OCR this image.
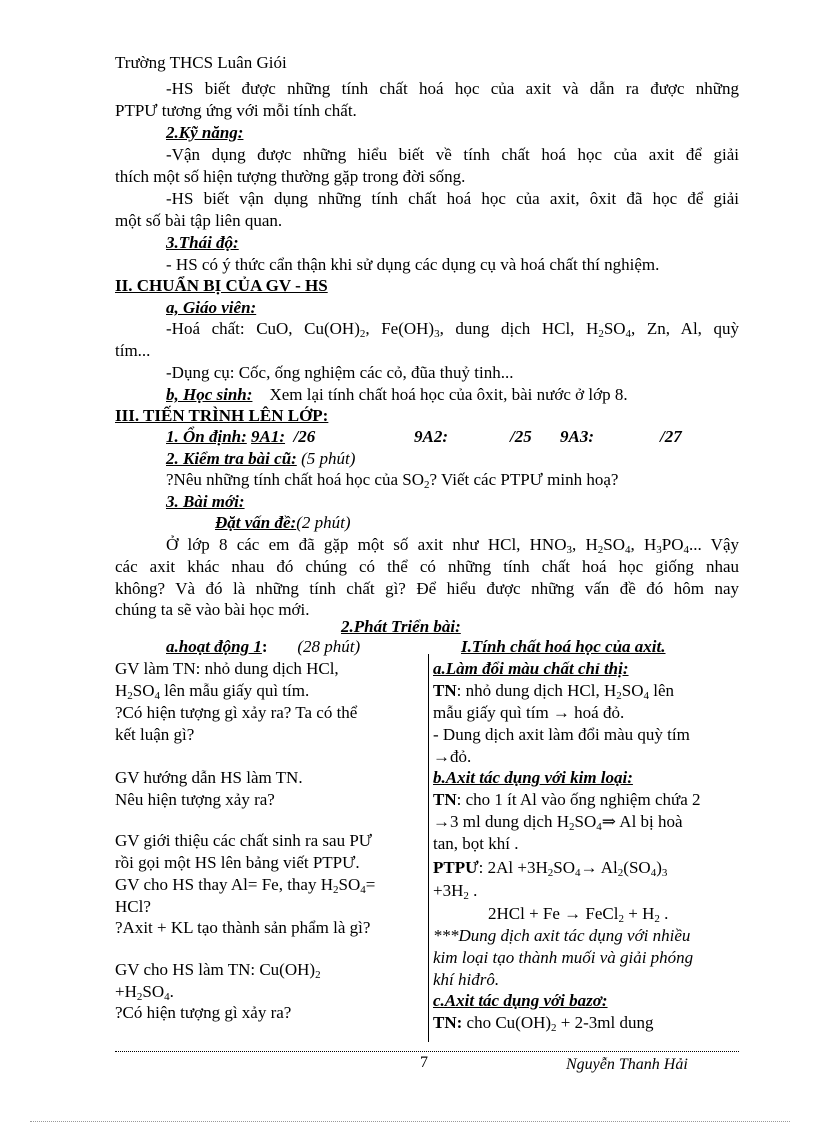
Trường THCS Luân Giói
-HS biết được những tính chất hoá học của axit và dẫn ra được những
PTPƯ tương ứng với mỗi tính chất.
2.Kỹ năng:
-Vận dụng được những hiểu biết về tính chất hoá học của axit để giải
thích một số hiện tượng thường gặp trong đời sống.
-HS biết vận dụng những tính chất hoá học của axit, ôxit đã học để giải
một số bài tập liên quan.
3.Thái độ:
- HS có ý thức cẩn thận khi sử dụng các dụng cụ và hoá chất thí nghiệm.
II. CHUẨN BỊ CỦA GV - HS
a, Giáo viên:
-Hoá chất: CuO, $Cu(OH)_2$, $Fe(OH)_3$, dung dịch HCl, $H_2SO_4$, Zn, Al, quỳ
tím...
-Dụng cụ: Cốc, ống nghiệm các cỏ, đũa thuỷ tinh...
b, Học sinh: Xem lại tính chất hoá học của ôxit, bài nước ở lớp 8.
III. TIẾN TRÌNH LÊN LỚP:
1. Ổn định: 9A1: /26	9A2:	/25 9A3:	/27
2. Kiểm tra bài cũ: (5 phút)
?Nêu những tính chất hoá học của $SO_2$? Viết các PTPƯ minh hoạ?
3. Bài mới:
Đặt vấn đề:(2 phút)
Ở lớp 8 các em đã gặp một số axit như HCl, $HNO_3$, $H_2SO_4$, $H_3PO_4$... Vậy
các axit khác nhau đó chúng có thể có những tính chất hoá học giống nhau
không? Và đó là những tính chất gì? Để hiểu được những vấn đề đó hôm nay
chúng ta sẽ vào bài học mới.
2.Phát Triển bài:
a.hoạt động 1: (28 phút)	I.Tính chất hoá học của axit.
GV làm TN: nhỏ dung dịch HCl,
$H_2SO_4$ lên mẫu giấy quì tím.
?Có hiện tượng gì xảy ra? Ta có thể
kết luận gì?
GV hướng dẫn HS làm TN.
Nêu hiện tượng xảy ra?
GV giới thiệu các chất sinh ra sau PƯ
rồi gọi một HS lên bảng viết PTPƯ.
GV cho HS thay Al= Fe, thay $H_2SO_4=$
HCl?
?Axit + KL tạo thành sản phẩm là gì?
GV cho HS làm TN: $Cu(OH)_2$
$+H_2SO_4$.
?Có hiện tượng gì xảy ra?
a.Làm đổi màu chất chỉ thị:
TN: nhỏ dung dịch HCl, $H_2SO_4$ lên
mẫu giấy quì tím → hoá đỏ.
- Dung dịch axit làm đổi màu quỳ tím
→đỏ.
b.Axit tác dụng với kim loại:
TN: cho 1 ít Al vào ống nghiệm chứa 2
→3 ml dung dịch $H_2SO_4\Rightarrow$ Al bị hoà
tan, bọt khí .
PTPƯ: $2Al +3H_2SO_4\to Al_2(SO_4)_3$
$+3H_2$ .
2HCl + Fe → FeCl$_2$ + $H_2$ .
***Dung dịch axit tác dụng với nhiều
kim loại tạo thành muối và giải phóng
khí hiđrô.
c.Axit tác dụng với bazơ:
TN: cho $Cu(OH)_2 + 2-3ml$ dung
7	Nguyễn Thanh Hải
